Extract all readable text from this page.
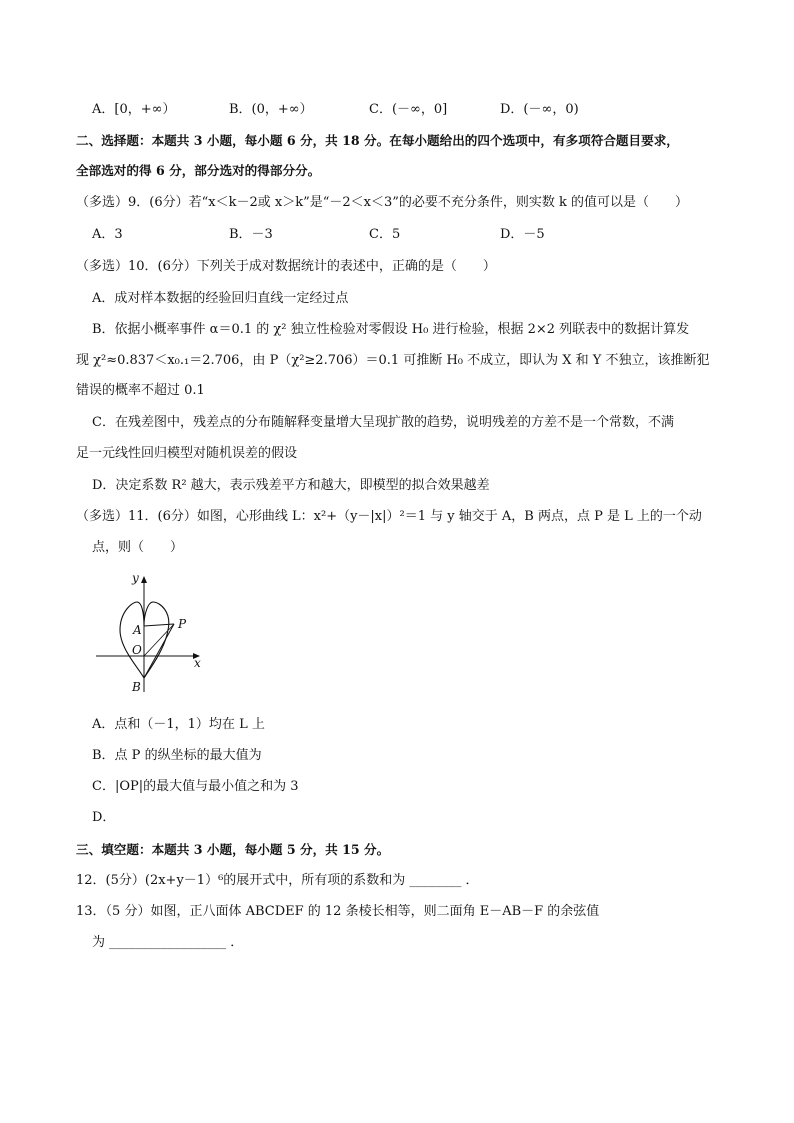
A．[0，+∞）	B．(0，+∞）	C．(－∞，0]	D．(－∞，0)
二、选择题：本题共 3 小题，每小题 6 分，共 18 分。在每小题给出的四个选项中，有多项符合题目要求，
全部选对的得 6 分，部分选对的得部分分。
（多选）9．(6分）若“x＜k－2或 x＞k”是“－2＜x＜3”的必要不充分条件，则实数 k 的值可以是（　　）
A．3	B．－3	C．5	D．－5
（多选）10．(6分）下列关于成对数据统计的表述中，正确的是（　　）
A．成对样本数据的经验回归直线一定经过点
B．依据小概率事件 α＝0.1 的 χ² 独立性检验对零假设 H₀ 进行检验，根据 2×2 列联表中的数据计算发
现 χ²≈0.837＜x₀.₁＝2.706，由 P（χ²≥2.706）＝0.1 可推断 H₀ 不成立，即认为 X 和 Y 不独立，该推断犯
错误的概率不超过 0.1
C．在残差图中，残差点的分布随解释变量增大呈现扩散的趋势，说明残差的方差不是一个常数，不满
足一元线性回归模型对随机误差的假设
D．决定系数 R² 越大，表示残差平方和越大，即模型的拟合效果越差
（多选）11．(6分）如图，心形曲线 L：x²+（y－|x|）²＝1 与 y 轴交于 A，B 两点，点 P 是 L 上的一个动
点，则（　　）
y
x
A
O
B
P
A．点和（－1，1）均在 L 上
B．点 P 的纵坐标的最大值为
C．|OP|的最大值与最小值之和为 3
D．
三、填空题：本题共 3 小题，每小题 5 分，共 15 分。
12．(5分）(2x+y－1）⁶的展开式中，所有项的系数和为 ________ ．
13．（5 分）如图，正八面体 ABCDEF 的 12 条棱长相等，则二面角 E－AB－F 的余弦值
为 __________________ ．
